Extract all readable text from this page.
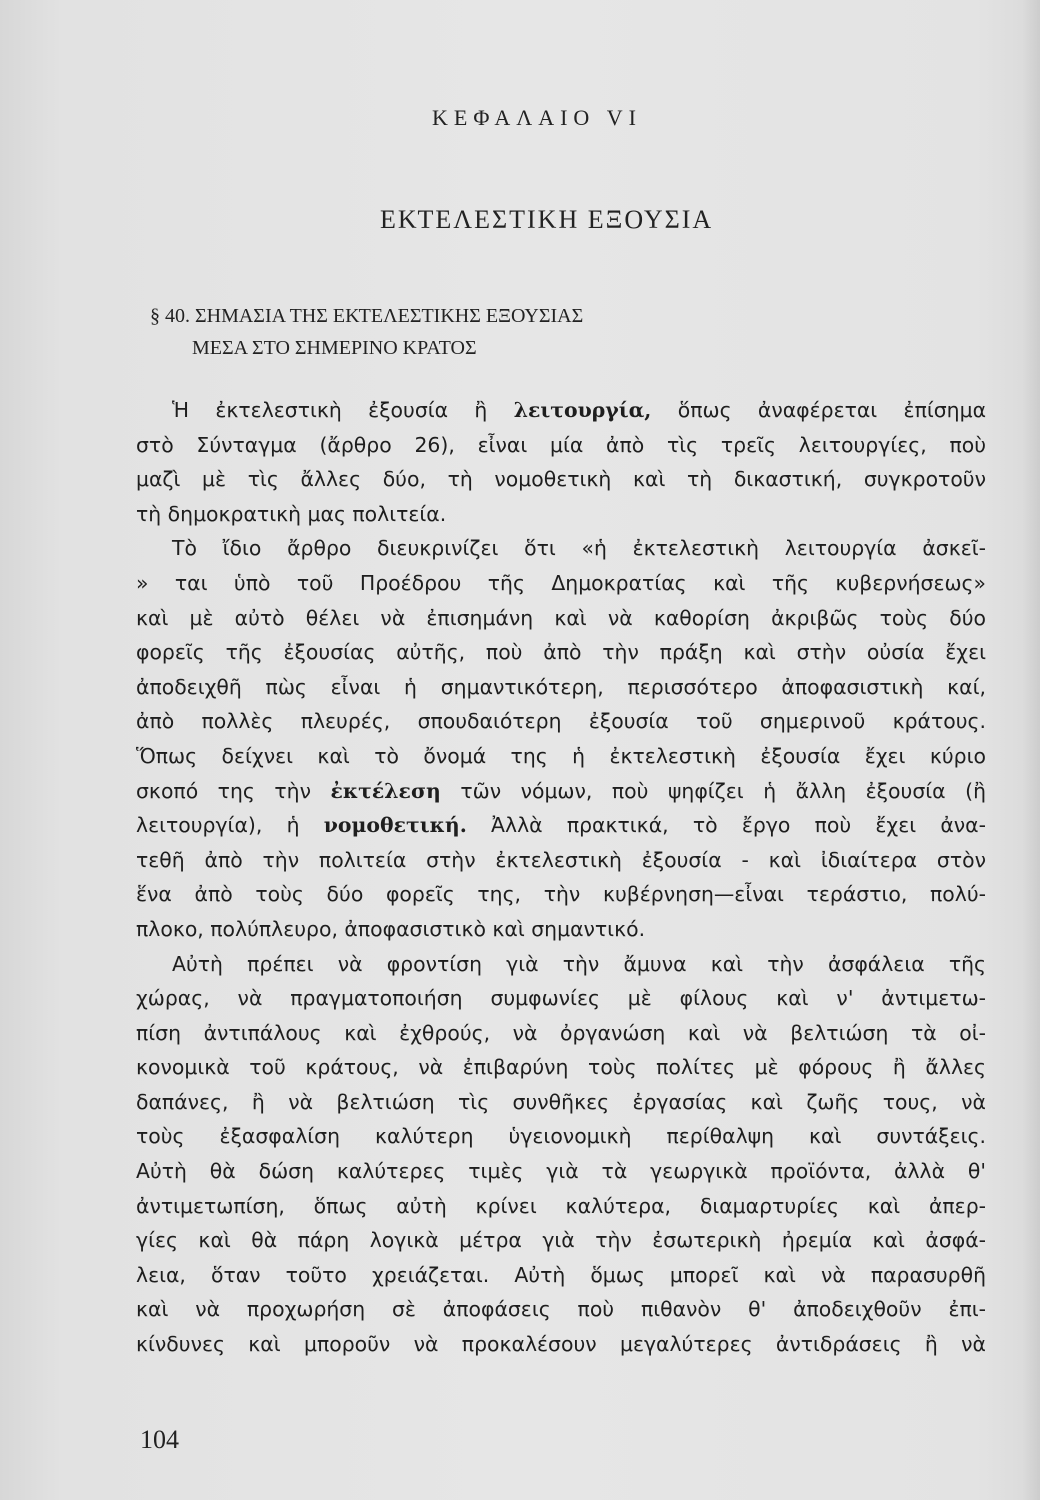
ΚΕΦΑΛΑΙΟ VI
ΕΚΤΕΛΕΣΤΙΚΗ ΕΞΟΥΣΙΑ
§ 40. ΣΗΜΑΣΙΑ ΤΗΣ ΕΚΤΕΛΕΣΤΙΚΗΣ ΕΞΟΥΣΙΑΣ
ΜΕΣΑ ΣΤΟ ΣΗΜΕΡΙΝΟ ΚΡΑΤΟΣ
Ἡ ἐκτελεστικὴ ἐξουσία ἢ λειτουργία, ὅπως ἀναφέρεται ἐπίσημα
στὸ Σύνταγμα (ἄρθρο 26), εἶναι μία ἀπὸ τὶς τρεῖς λειτουργίες, ποὺ
μαζὶ μὲ τὶς ἄλλες δύο, τὴ νομοθετικὴ καὶ τὴ δικαστική, συγκροτοῦν
τὴ δημοκρατικὴ μας πολιτεία.
Τὸ ἴδιο ἄρθρο διευκρινίζει ὅτι «ἡ ἐκτελεστικὴ λειτουργία ἀσκεῖ-
» ται ὑπὸ τοῦ Προέδρου τῆς Δημοκρατίας καὶ τῆς κυβερνήσεως»
καὶ μὲ αὐτὸ θέλει νὰ ἐπισημάνη καὶ νὰ καθορίση ἀκριβῶς τοὺς δύο
φορεῖς τῆς ἐξουσίας αὐτῆς, ποὺ ἀπὸ τὴν πράξη καὶ στὴν οὐσία ἔχει
ἀποδειχθῆ πὼς εἶναι ἡ σημαντικότερη, περισσότερο ἀποφασιστικὴ καί,
ἀπὸ πολλὲς πλευρές, σπουδαιότερη ἐξουσία τοῦ σημερινοῦ κράτους.
Ὅπως δείχνει καὶ τὸ ὄνομά της ἡ ἐκτελεστικὴ ἐξουσία ἔχει κύριο
σκοπό της τὴν ἐκτέλεση τῶν νόμων, ποὺ ψηφίζει ἡ ἄλλη ἐξουσία (ἢ
λειτουργία), ἡ νομοθετική. Ἀλλὰ πρακτικά, τὸ ἔργο ποὺ ἔχει ἀνα-
τεθῆ ἀπὸ τὴν πολιτεία στὴν ἐκτελεστικὴ ἐξουσία - καὶ ἰδιαίτερα στὸν
ἕνα ἀπὸ τοὺς δύο φορεῖς της, τὴν κυβέρνηση—εἶναι τεράστιο, πολύ-
πλοκο, πολύπλευρο, ἀποφασιστικὸ καὶ σημαντικό.
Αὐτὴ πρέπει νὰ φροντίση γιὰ τὴν ἄμυνα καὶ τὴν ἀσφάλεια τῆς
χώρας, νὰ πραγματοποιήση συμφωνίες μὲ φίλους καὶ ν' ἀντιμετω-
πίση ἀντιπάλους καὶ ἐχθρούς, νὰ ὀργανώση καὶ νὰ βελτιώση τὰ οἰ-
κονομικὰ τοῦ κράτους, νὰ ἐπιβαρύνη τοὺς πολίτες μὲ φόρους ἢ ἄλλες
δαπάνες, ἢ νὰ βελτιώση τὶς συνθῆκες ἐργασίας καὶ ζωῆς τους, νὰ
τοὺς ἐξασφαλίση καλύτερη ὑγειονομικὴ περίθαλψη καὶ συντάξεις.
Αὐτὴ θὰ δώση καλύτερες τιμὲς γιὰ τὰ γεωργικὰ προϊόντα, ἀλλὰ θ'
ἀντιμετωπίση, ὅπως αὐτὴ κρίνει καλύτερα, διαμαρτυρίες καὶ ἀπερ-
γίες καὶ θὰ πάρη λογικὰ μέτρα γιὰ τὴν ἐσωτερικὴ ἠρεμία καὶ ἀσφά-
λεια, ὅταν τοῦτο χρειάζεται. Αὐτὴ ὅμως μπορεῖ καὶ νὰ παρασυρθῆ
καὶ νὰ προχωρήση σὲ ἀποφάσεις ποὺ πιθανὸν θ' ἀποδειχθοῦν ἐπι-
κίνδυνες καὶ μποροῦν νὰ προκαλέσουν μεγαλύτερες ἀντιδράσεις ἢ νὰ
104
